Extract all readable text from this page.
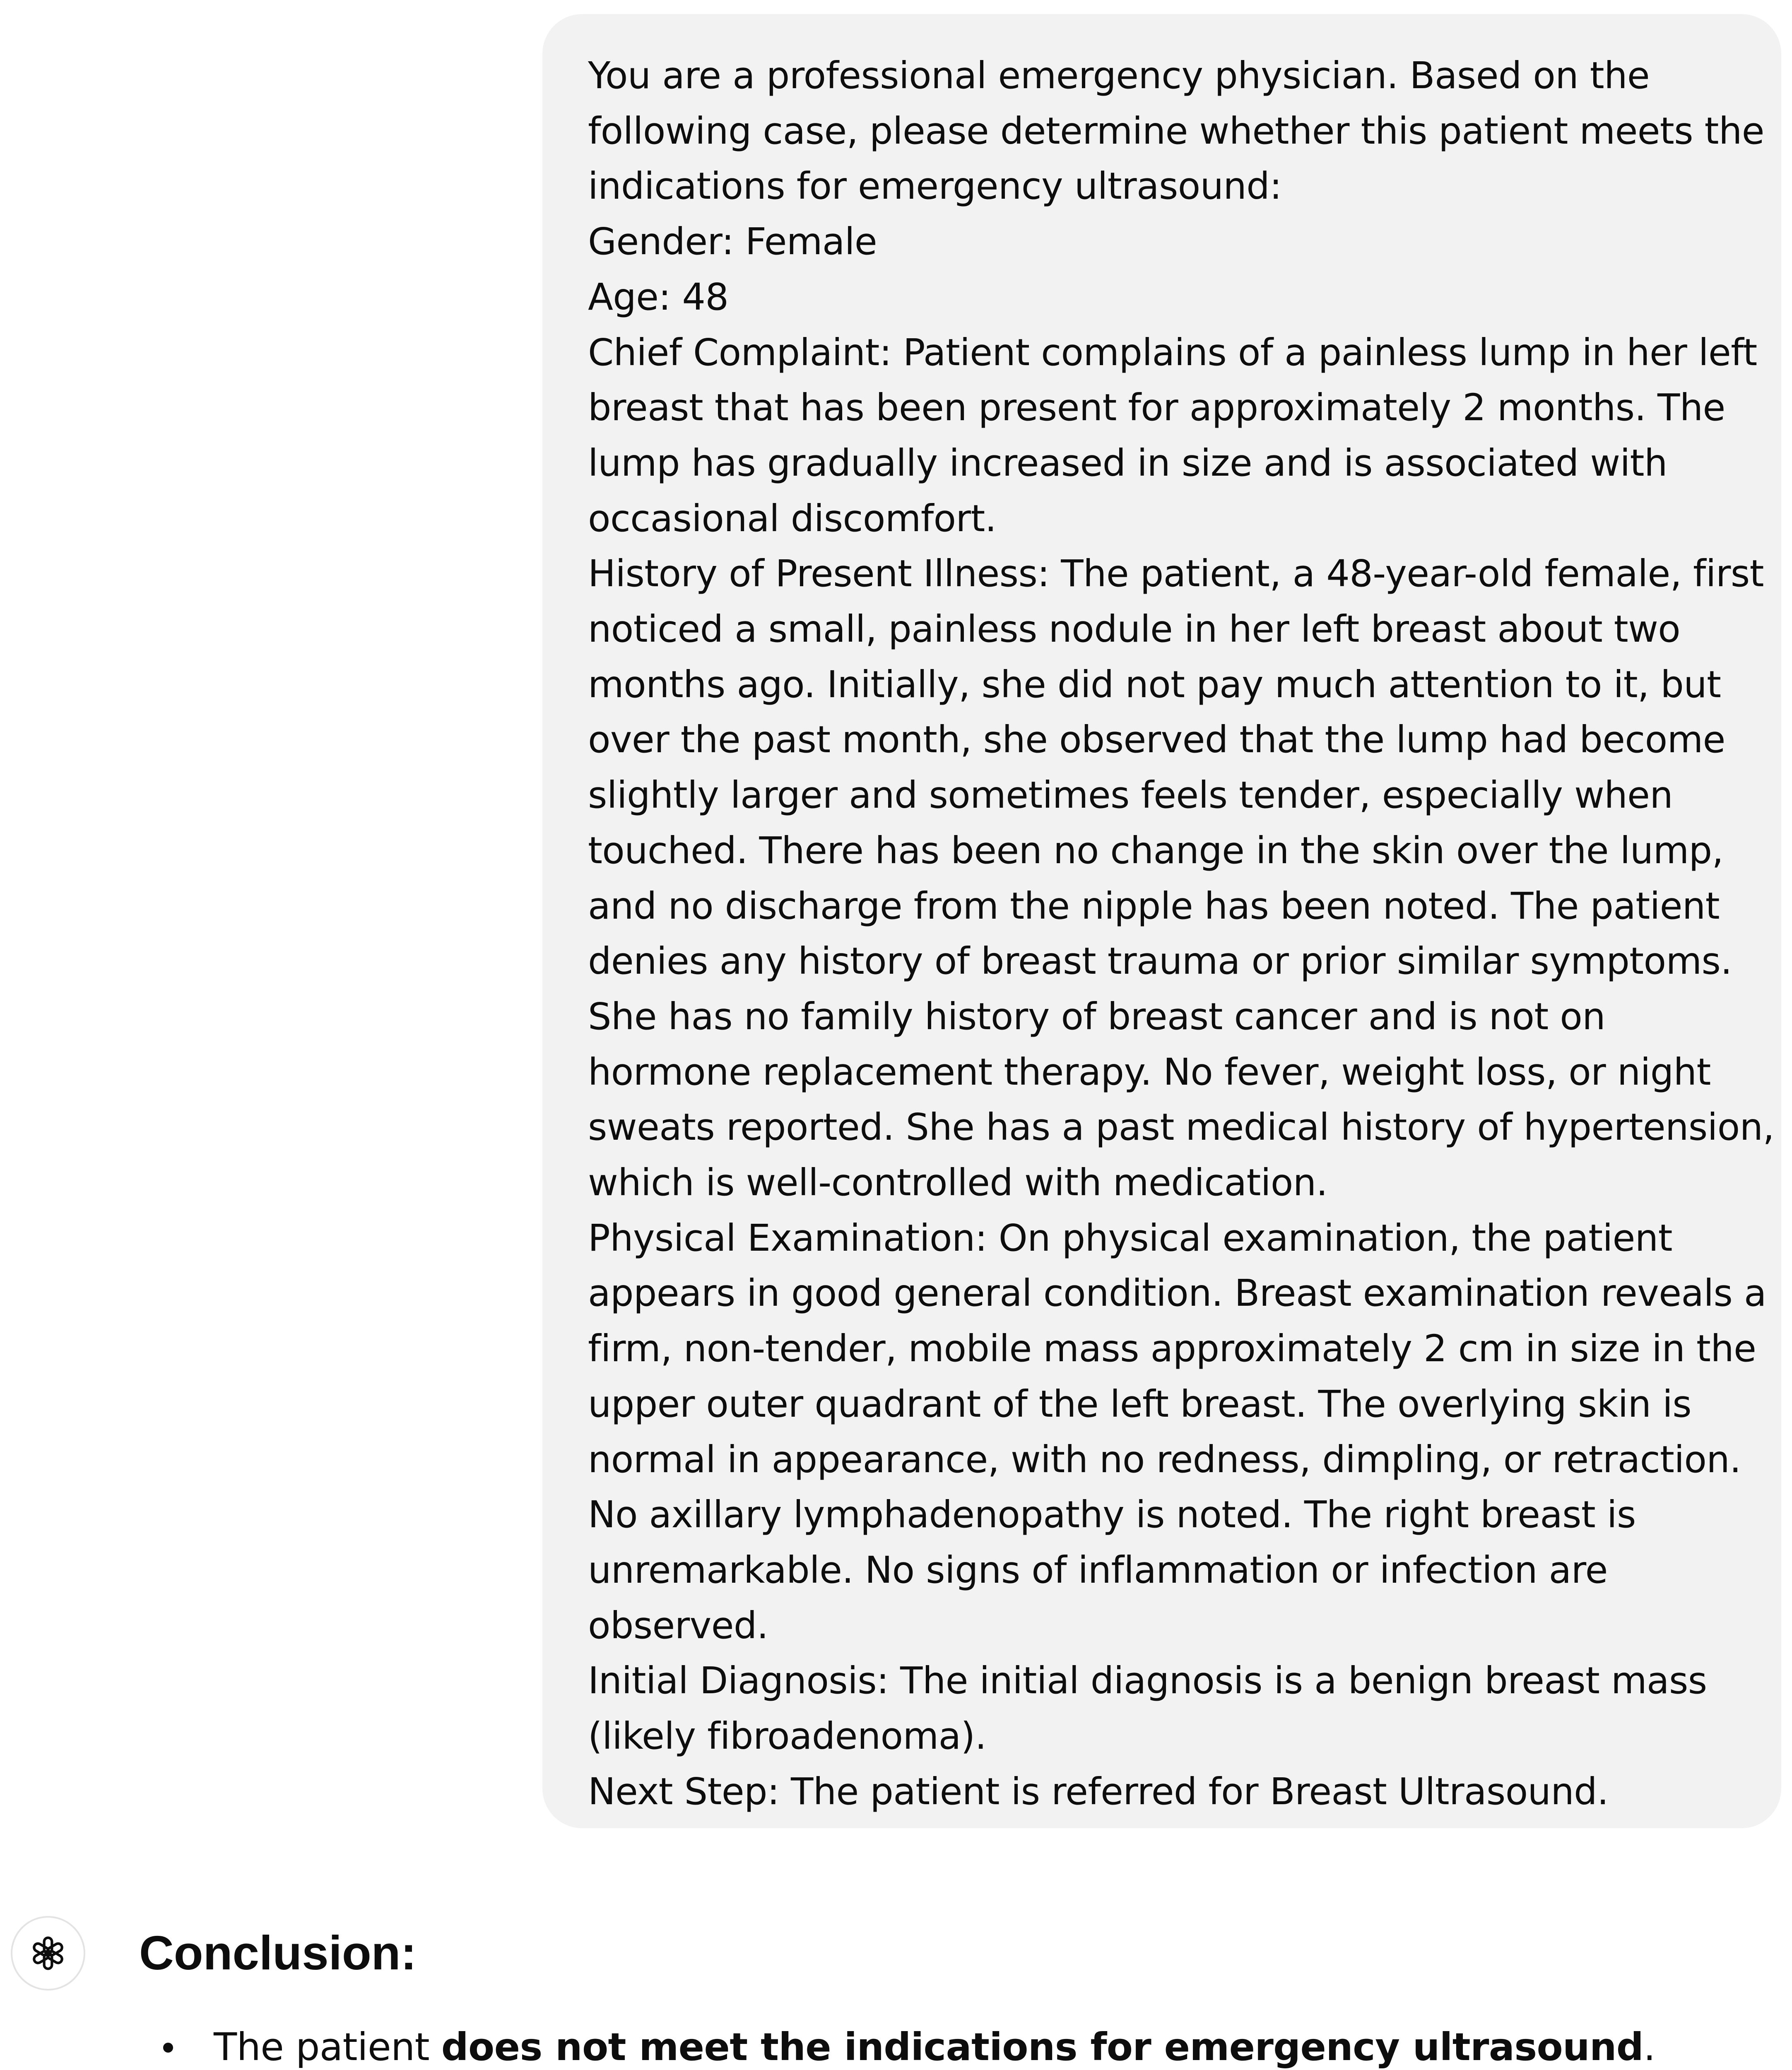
You are a professional emergency physician. Based on the
following case, please determine whether this patient meets the
indications for emergency ultrasound:
Gender: Female
Age: 48
Chief Complaint: Patient complains of a painless lump in her left
breast that has been present for approximately 2 months. The
lump has gradually increased in size and is associated with
occasional discomfort.
History of Present Illness: The patient, a 48-year-old female, first
noticed a small, painless nodule in her left breast about two
months ago. Initially, she did not pay much attention to it, but
over the past month, she observed that the lump had become
slightly larger and sometimes feels tender, especially when
touched. There has been no change in the skin over the lump,
and no discharge from the nipple has been noted. The patient
denies any history of breast trauma or prior similar symptoms.
She has no family history of breast cancer and is not on
hormone replacement therapy. No fever, weight loss, or night
sweats reported. She has a past medical history of hypertension,
which is well-controlled with medication.
Physical Examination: On physical examination, the patient
appears in good general condition. Breast examination reveals a
firm, non-tender, mobile mass approximately 2 cm in size in the
upper outer quadrant of the left breast. The overlying skin is
normal in appearance, with no redness, dimpling, or retraction.
No axillary lymphadenopathy is noted. The right breast is
unremarkable. No signs of inflammation or infection are
observed.
Initial Diagnosis: The initial diagnosis is a benign breast mass
(likely fibroadenoma).
Next Step: The patient is referred for Breast Ultrasound.
Conclusion:
The patient does not meet the indications for emergency ultrasound.
